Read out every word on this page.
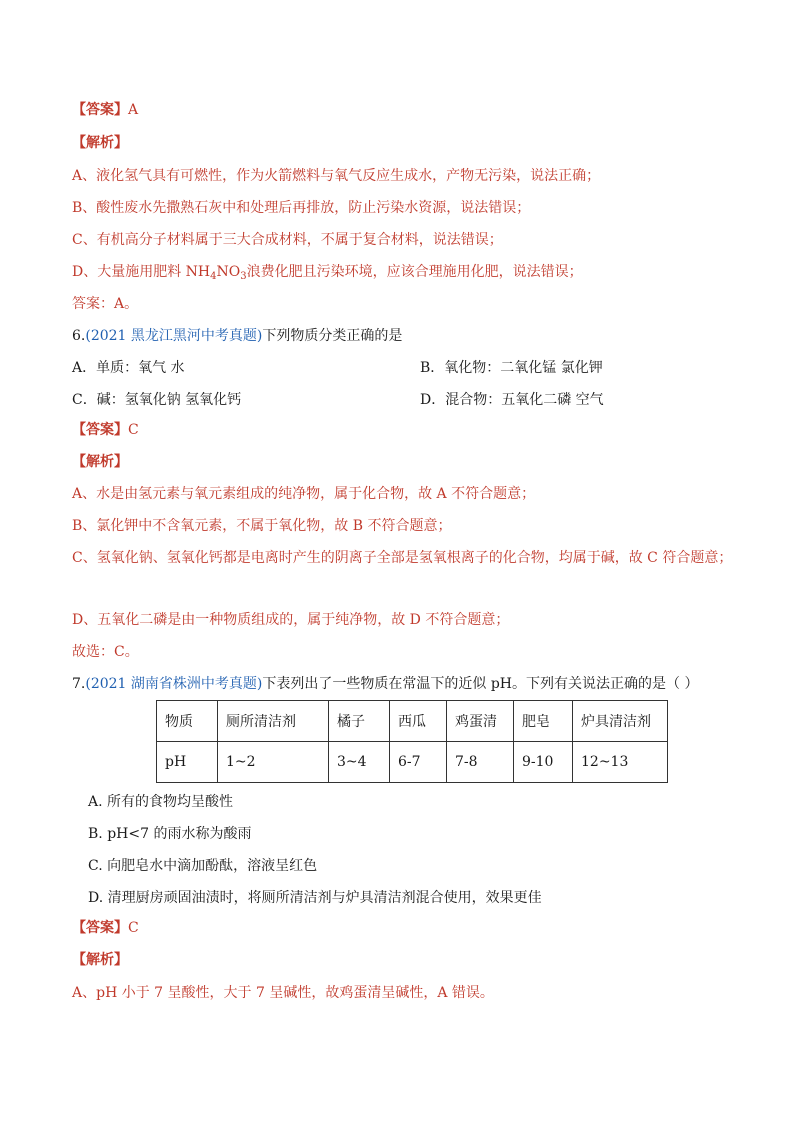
【答案】A
【解析】
A、液化氢气具有可燃性，作为火箭燃料与氧气反应生成水，产物无污染，说法正确；
B、酸性废水先撒熟石灰中和处理后再排放，防止污染水资源，说法错误；
C、有机高分子材料属于三大合成材料，不属于复合材料，说法错误；
D、大量施用肥料 $NH_4NO_3$浪费化肥且污染环境，应该合理施用化肥，说法错误；
答案：A。
6.(2021 黑龙江黑河中考真题)下列物质分类正确的是
A．单质：氧气 水	B．氧化物：二氧化锰 氯化钾
C．碱：氢氧化钠 氢氧化钙	D．混合物：五氧化二磷 空气
【答案】C
【解析】
A、水是由氢元素与氧元素组成的纯净物，属于化合物，故 A 不符合题意；
B、氯化钾中不含氧元素，不属于氧化物，故 B 不符合题意；
C、氢氧化钠、氢氧化钙都是电离时产生的阴离子全部是氢氧根离子的化合物，均属于碱，故 C 符合题意；
D、五氧化二磷是由一种物质组成的，属于纯净物，故 D 不符合题意；
故选：C。
7.(2021 湖南省株洲中考真题)下表列出了一些物质在常温下的近似 pH。下列有关说法正确的是（ ）
物质	厕所清洁剂	橘子	西瓜	鸡蛋清	肥皂	炉具清洁剂
pH	1~2	3~4	6-7	7-8	9-10	12~13
A. 所有的食物均呈酸性
B. pH<7 的雨水称为酸雨
C. 向肥皂水中滴加酚酞，溶液呈红色
D. 清理厨房顽固油渍时，将厕所清洁剂与炉具清洁剂混合使用，效果更佳
【答案】C
【解析】
A、pH 小于 7 呈酸性，大于 7 呈碱性，故鸡蛋清呈碱性，A 错误。
